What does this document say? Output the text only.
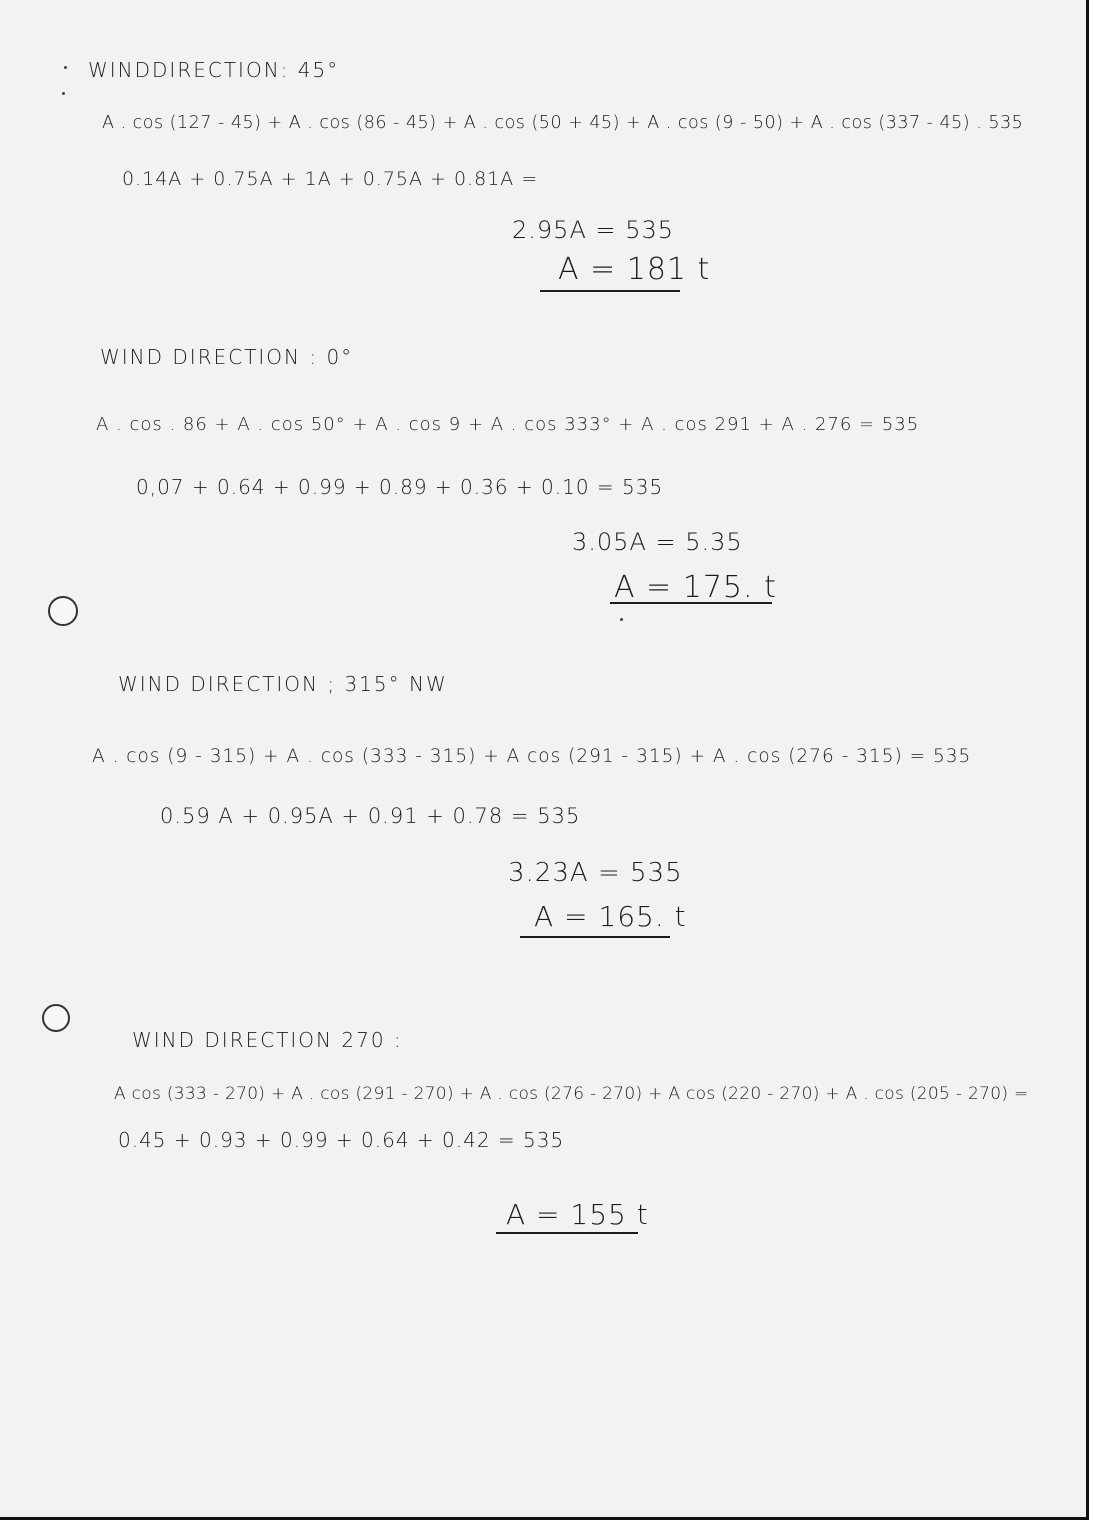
WINDDIRECTION: 45°
A . cos (127 - 45) + A . cos (86 - 45) + A . cos (50 + 45) + A . cos (9 - 50) + A . cos (337 - 45) . 535
0.14A + 0.75A + 1A + 0.75A + 0.81A =
2.95A = 535
A = 181 t
WIND DIRECTION : 0°
A . cos . 86 + A . cos 50° + A . cos 9 + A . cos 333° + A . cos 291 + A . 276 = 535
0,07 + 0.64 + 0.99 + 0.89 + 0.36 + 0.10 = 535
3.05A = 5.35
A = 175. t
WIND DIRECTION ; 315° NW
A . cos (9 - 315) + A . cos (333 - 315) + A cos (291 - 315) + A . cos (276 - 315) = 535
0.59 A + 0.95A + 0.91 + 0.78 = 535
3.23A = 535
A = 165. t
WIND DIRECTION 270 :
A cos (333 - 270) + A . cos (291 - 270) + A . cos (276 - 270) + A cos (220 - 270) + A . cos (205 - 270) =
0.45 + 0.93 + 0.99 + 0.64 + 0.42 = 535
A = 155 t
